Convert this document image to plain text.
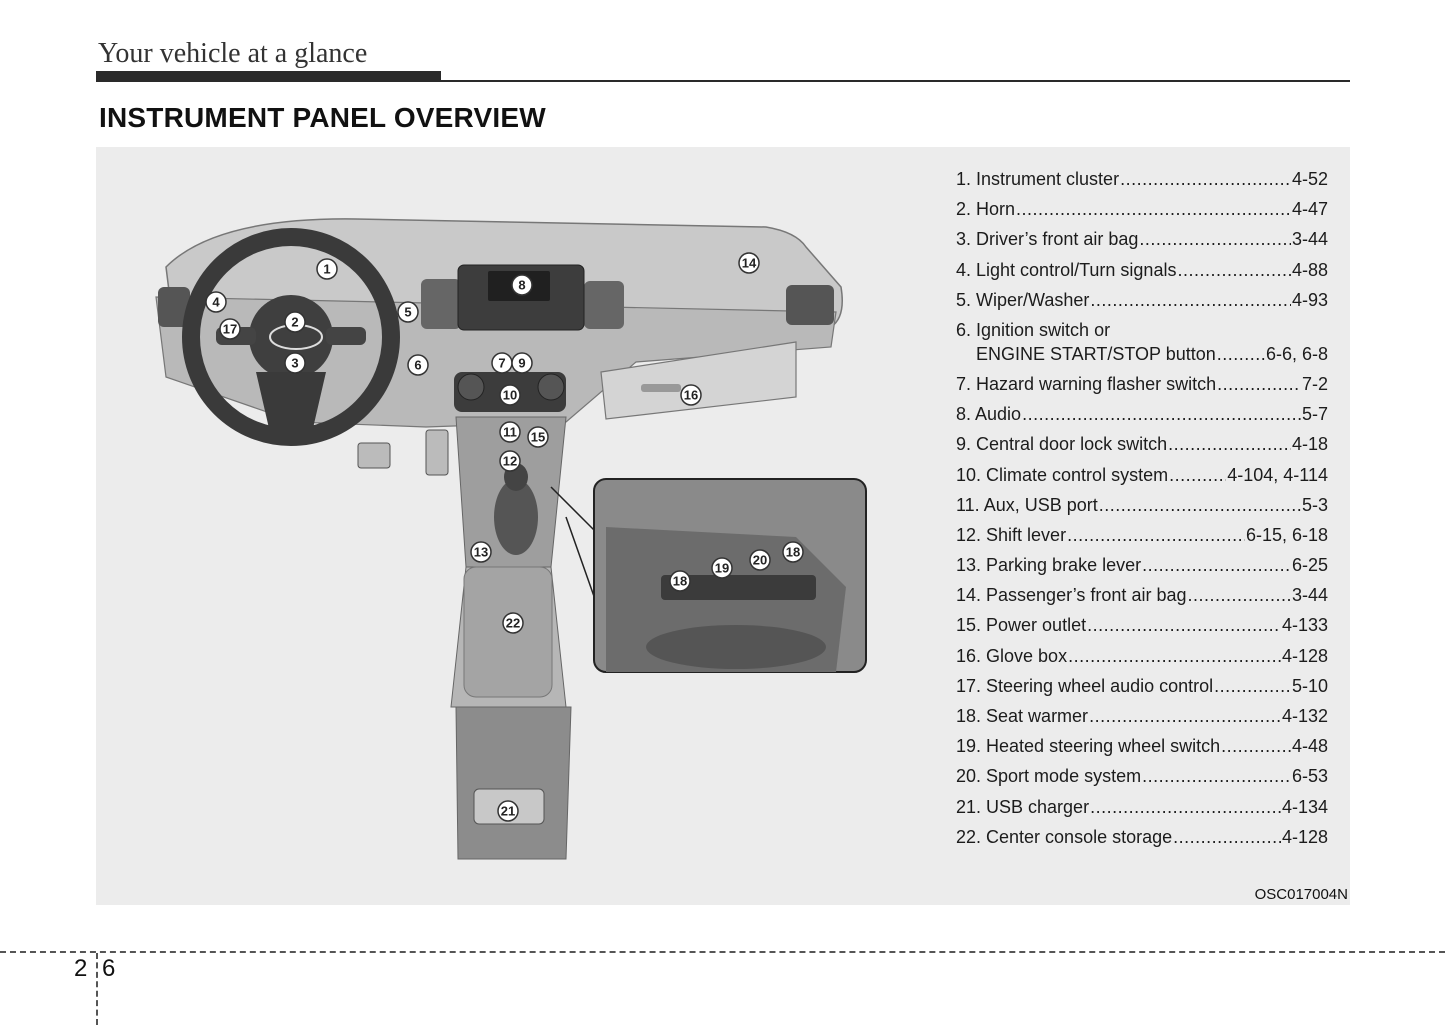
Your vehicle at a glance
INSTRUMENT PANEL OVERVIEW
1
2
3
4
5
6	7
8
9
10
11
12
13
14
15
16
17
18
19
20
18
21
22
1. Instrument cluster .....	4-52
2. Horn .....	4-47
3. Driver’s front air bag .....	3-44
4. Light control/Turn signals .....	4-88
5. Wiper/Washer .....	4-93
6. Ignition switch or
ENGINE START/STOP button .....	6-6, 6-8
7. Hazard warning flasher switch .....	7-2
8. Audio .....	5-7
9. Central door lock switch .....	4-18
10. Climate control system .....	4-104, 4-114
11. Aux, USB port .....	5-3
12. Shift lever .....	6-15, 6-18
13. Parking brake lever .....	6-25
14. Passenger’s front air bag .....	3-44
15. Power outlet .....	4-133
16. Glove box .....	4-128
17. Steering wheel audio control .....	5-10
18. Seat warmer .....	4-132
19. Heated steering wheel switch .....	4-48
20. Sport mode system .....	6-53
21. USB charger .....	4-134
22. Center console storage .....	4-128
OSC017004N
2 6
